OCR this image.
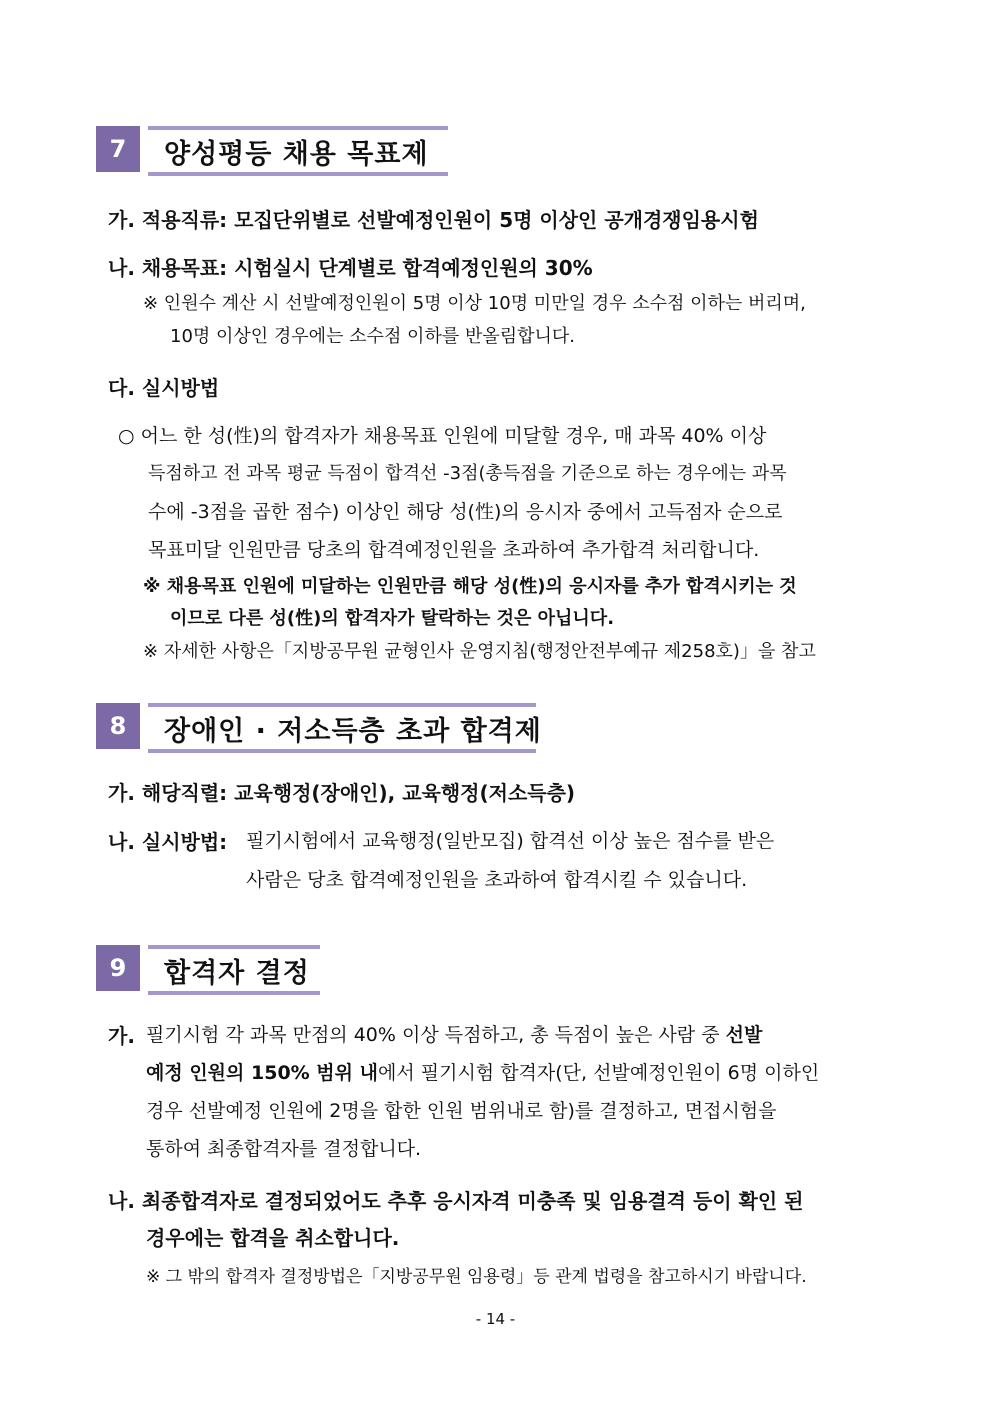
7	양성평등 채용 목표제
가. 적용직류: 모집단위별로 선발예정인원이 5명 이상인 공개경쟁임용시험
나. 채용목표: 시험실시 단계별로 합격예정인원의 30%
※ 인원수 계산 시 선발예정인원이 5명 이상 10명 미만일 경우 소수점 이하는 버리며,
10명 이상인 경우에는 소수점 이하를 반올림합니다.
다. 실시방법
○ 어느 한 성(性)의 합격자가 채용목표 인원에 미달할 경우, 매 과목 40% 이상
득점하고 전 과목 평균 득점이 합격선 -3점(총득점을 기준으로 하는 경우에는 과목
수에 -3점을 곱한 점수) 이상인 해당 성(性)의 응시자 중에서 고득점자 순으로
목표미달 인원만큼 당초의 합격예정인원을 초과하여 추가합격 처리합니다.
※ 채용목표 인원에 미달하는 인원만큼 해당 성(性)의 응시자를 추가 합격시키는 것
이므로 다른 성(性)의 합격자가 탈락하는 것은 아닙니다.
※ 자세한 사항은「지방공무원 균형인사 운영지침(행정안전부예규 제258호)」을 참고
8	장애인 · 저소득층 초과 합격제
가. 해당직렬: 교육행정(장애인), 교육행정(저소득층)
나. 실시방법: 필기시험에서 교육행정(일반모집) 합격선 이상 높은 점수를 받은
사람은 당초 합격예정인원을 초과하여 합격시킬 수 있습니다.
9	합격자 결정
가. 필기시험 각 과목 만점의 40% 이상 득점하고, 총 득점이 높은 사람 중 선발
예정 인원의 150% 범위 내에서 필기시험 합격자(단, 선발예정인원이 6명 이하인
경우 선발예정 인원에 2명을 합한 인원 범위내로 함)를 결정하고, 면접시험을
통하여 최종합격자를 결정합니다.
나. 최종합격자로 결정되었어도 추후 응시자격 미충족 및 임용결격 등이 확인 된
경우에는 합격을 취소합니다.
※ 그 밖의 합격자 결정방법은「지방공무원 임용령」등 관계 법령을 참고하시기 바랍니다.
- 14 -
